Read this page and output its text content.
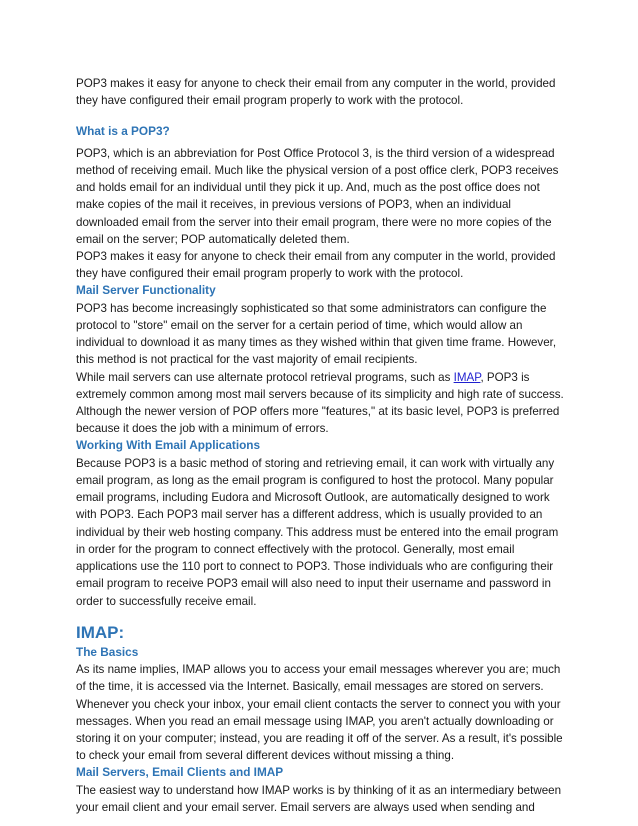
POP3 makes it easy for anyone to check their email from any computer in the world, provided they have configured their email program properly to work with the protocol.

What is a POP3?

POP3, which is an abbreviation for Post Office Protocol 3, is the third version of a widespread method of receiving email. Much like the physical version of a post office clerk, POP3 receives and holds email for an individual until they pick it up. And, much as the post office does not make copies of the mail it receives, in previous versions of POP3, when an individual downloaded email from the server into their email program, there were no more copies of the email on the server; POP automatically deleted them.

POP3 makes it easy for anyone to check their email from any computer in the world, provided they have configured their email program properly to work with the protocol.

Mail Server Functionality

POP3 has become increasingly sophisticated so that some administrators can configure the protocol to "store" email on the server for a certain period of time, which would allow an individual to download it as many times as they wished within that given time frame. However, this method is not practical for the vast majority of email recipients.

While mail servers can use alternate protocol retrieval programs, such as IMAP, POP3 is extremely common among most mail servers because of its simplicity and high rate of success. Although the newer version of POP offers more "features," at its basic level, POP3 is preferred because it does the job with a minimum of errors.

Working With Email Applications

Because POP3 is a basic method of storing and retrieving email, it can work with virtually any email program, as long as the email program is configured to host the protocol. Many popular email programs, including Eudora and Microsoft Outlook, are automatically designed to work with POP3. Each POP3 mail server has a different address, which is usually provided to an individual by their web hosting company. This address must be entered into the email program in order for the program to connect effectively with the protocol. Generally, most email applications use the 110 port to connect to POP3. Those individuals who are configuring their email program to receive POP3 email will also need to input their username and password in order to successfully receive email.

IMAP:
The Basics

As its name implies, IMAP allows you to access your email messages wherever you are; much of the time, it is accessed via the Internet. Basically, email messages are stored on servers. Whenever you check your inbox, your email client contacts the server to connect you with your messages. When you read an email message using IMAP, you aren't actually downloading or storing it on your computer; instead, you are reading it off of the server. As a result, it's possible to check your email from several different devices without missing a thing.

Mail Servers, Email Clients and IMAP

The easiest way to understand how IMAP works is by thinking of it as an intermediary between your email client and your email server. Email servers are always used when sending and
